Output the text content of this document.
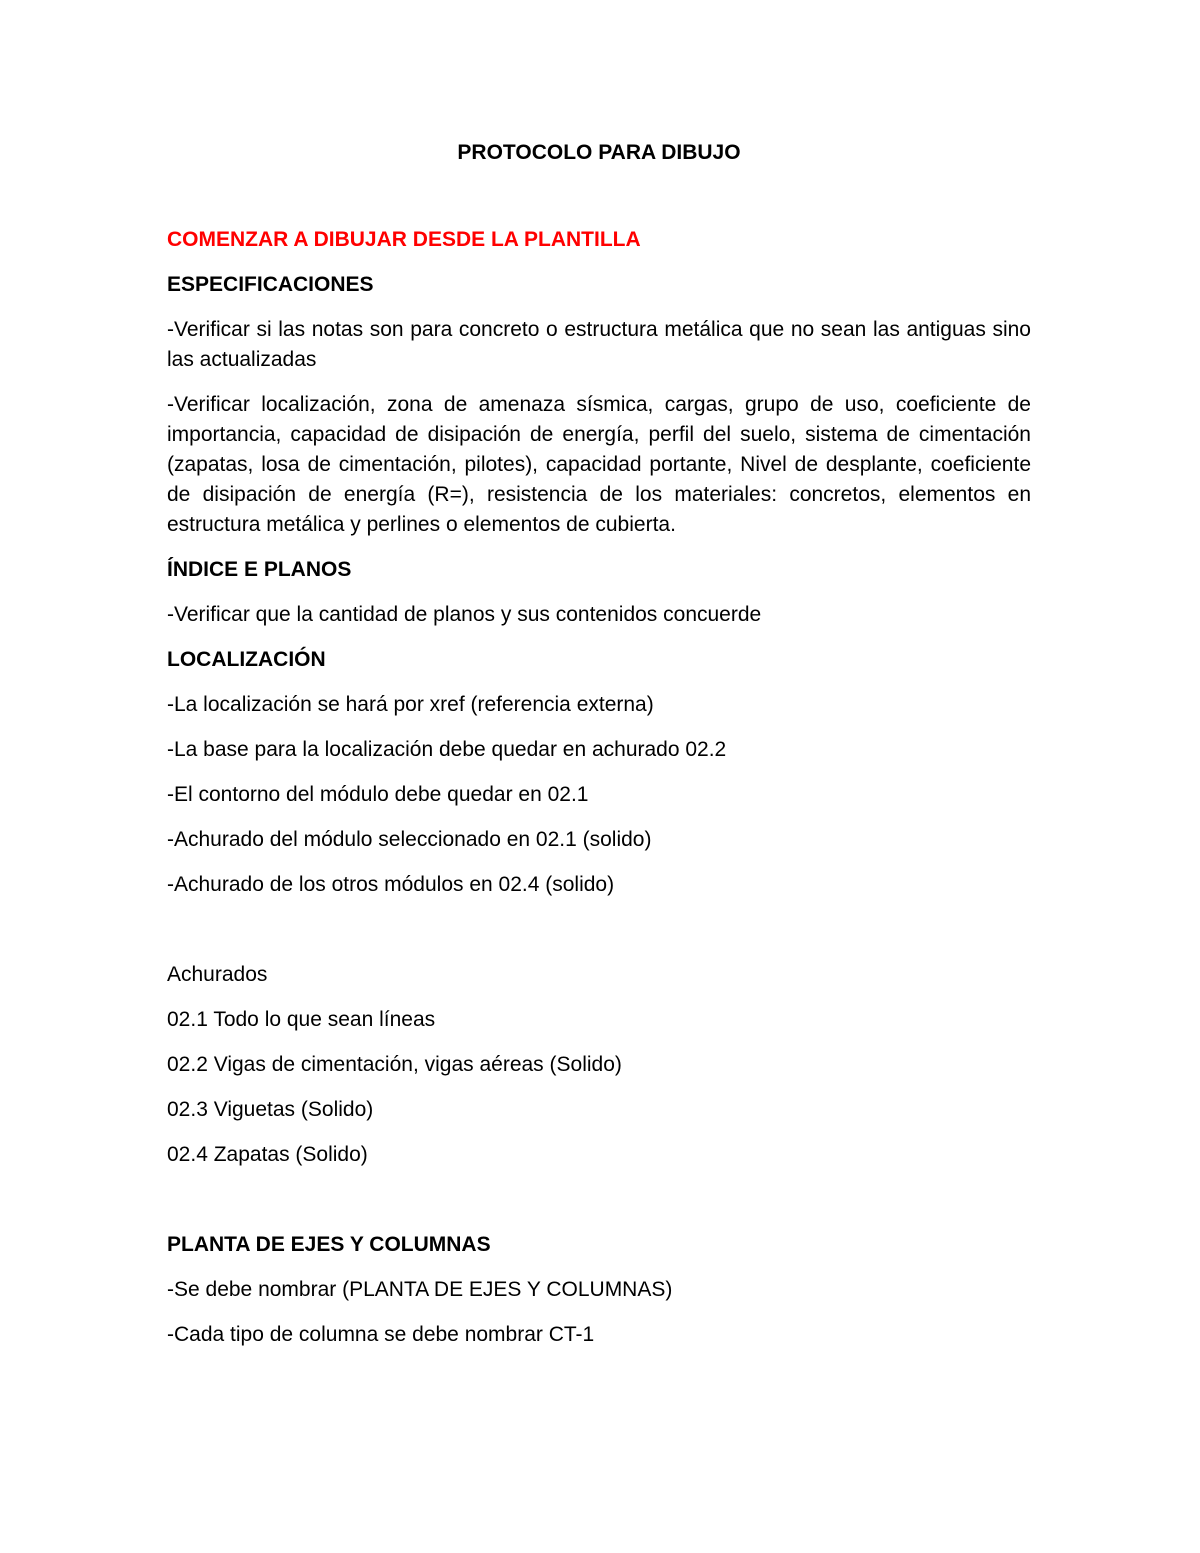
PROTOCOLO PARA DIBUJO
COMENZAR A DIBUJAR DESDE LA PLANTILLA
ESPECIFICACIONES
-Verificar si las notas son para concreto o estructura metálica que no sean las antiguas sino las actualizadas
-Verificar localización, zona de amenaza sísmica, cargas, grupo de uso, coeficiente de importancia, capacidad de disipación de energía, perfil del suelo, sistema de cimentación (zapatas, losa de cimentación, pilotes), capacidad portante, Nivel de desplante, coeficiente de disipación de energía (R=), resistencia de los materiales: concretos, elementos en estructura metálica y perlines o elementos de cubierta.
ÍNDICE E PLANOS
-Verificar que la cantidad de planos y sus contenidos concuerde
LOCALIZACIÓN
-La localización se hará por xref (referencia externa)
-La base para la localización debe quedar en achurado 02.2
-El contorno del módulo debe quedar en 02.1
-Achurado del módulo seleccionado en 02.1 (solido)
-Achurado de los otros módulos en 02.4 (solido)
Achurados
02.1 Todo lo que sean líneas
02.2 Vigas de cimentación, vigas aéreas (Solido)
02.3 Viguetas (Solido)
02.4 Zapatas (Solido)
PLANTA DE EJES Y COLUMNAS
-Se debe nombrar (PLANTA DE EJES Y COLUMNAS)
-Cada tipo de columna se debe nombrar CT-1
